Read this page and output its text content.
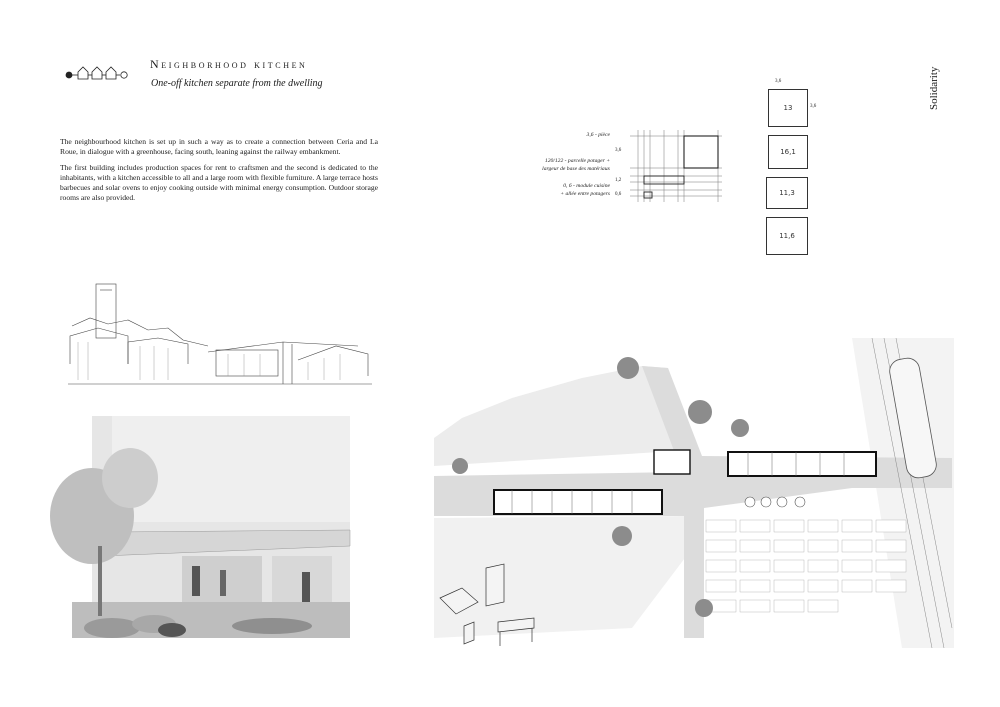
Neighborhood kitchen
One-off kitchen separate from the dwelling	Solidarity

The neighbourhood kitchen is set up in such a way as to create a connection between Ceria and La Roue, in dialogue with a greenhouse, facing south, leaning against the railway embankment.

The first building includes production spaces for rent to craftsmen and the second is dedicated to the inhabitants, with a kitchen accessible to all and a large room with flexible furniture. A large terrace hosts barbecues and solar ovens to enjoy cooking outside with minimal energy consumption. Outdoor storage rooms are also provided.

3,6 - pièce
120/122 - parcelle potager +
largeur de base des matériaux
0, 6 - module cuisine
+ allée entre potagers
3,6
1,2
0,6
3,6
3,6
13
16,1
11,3
11,6
